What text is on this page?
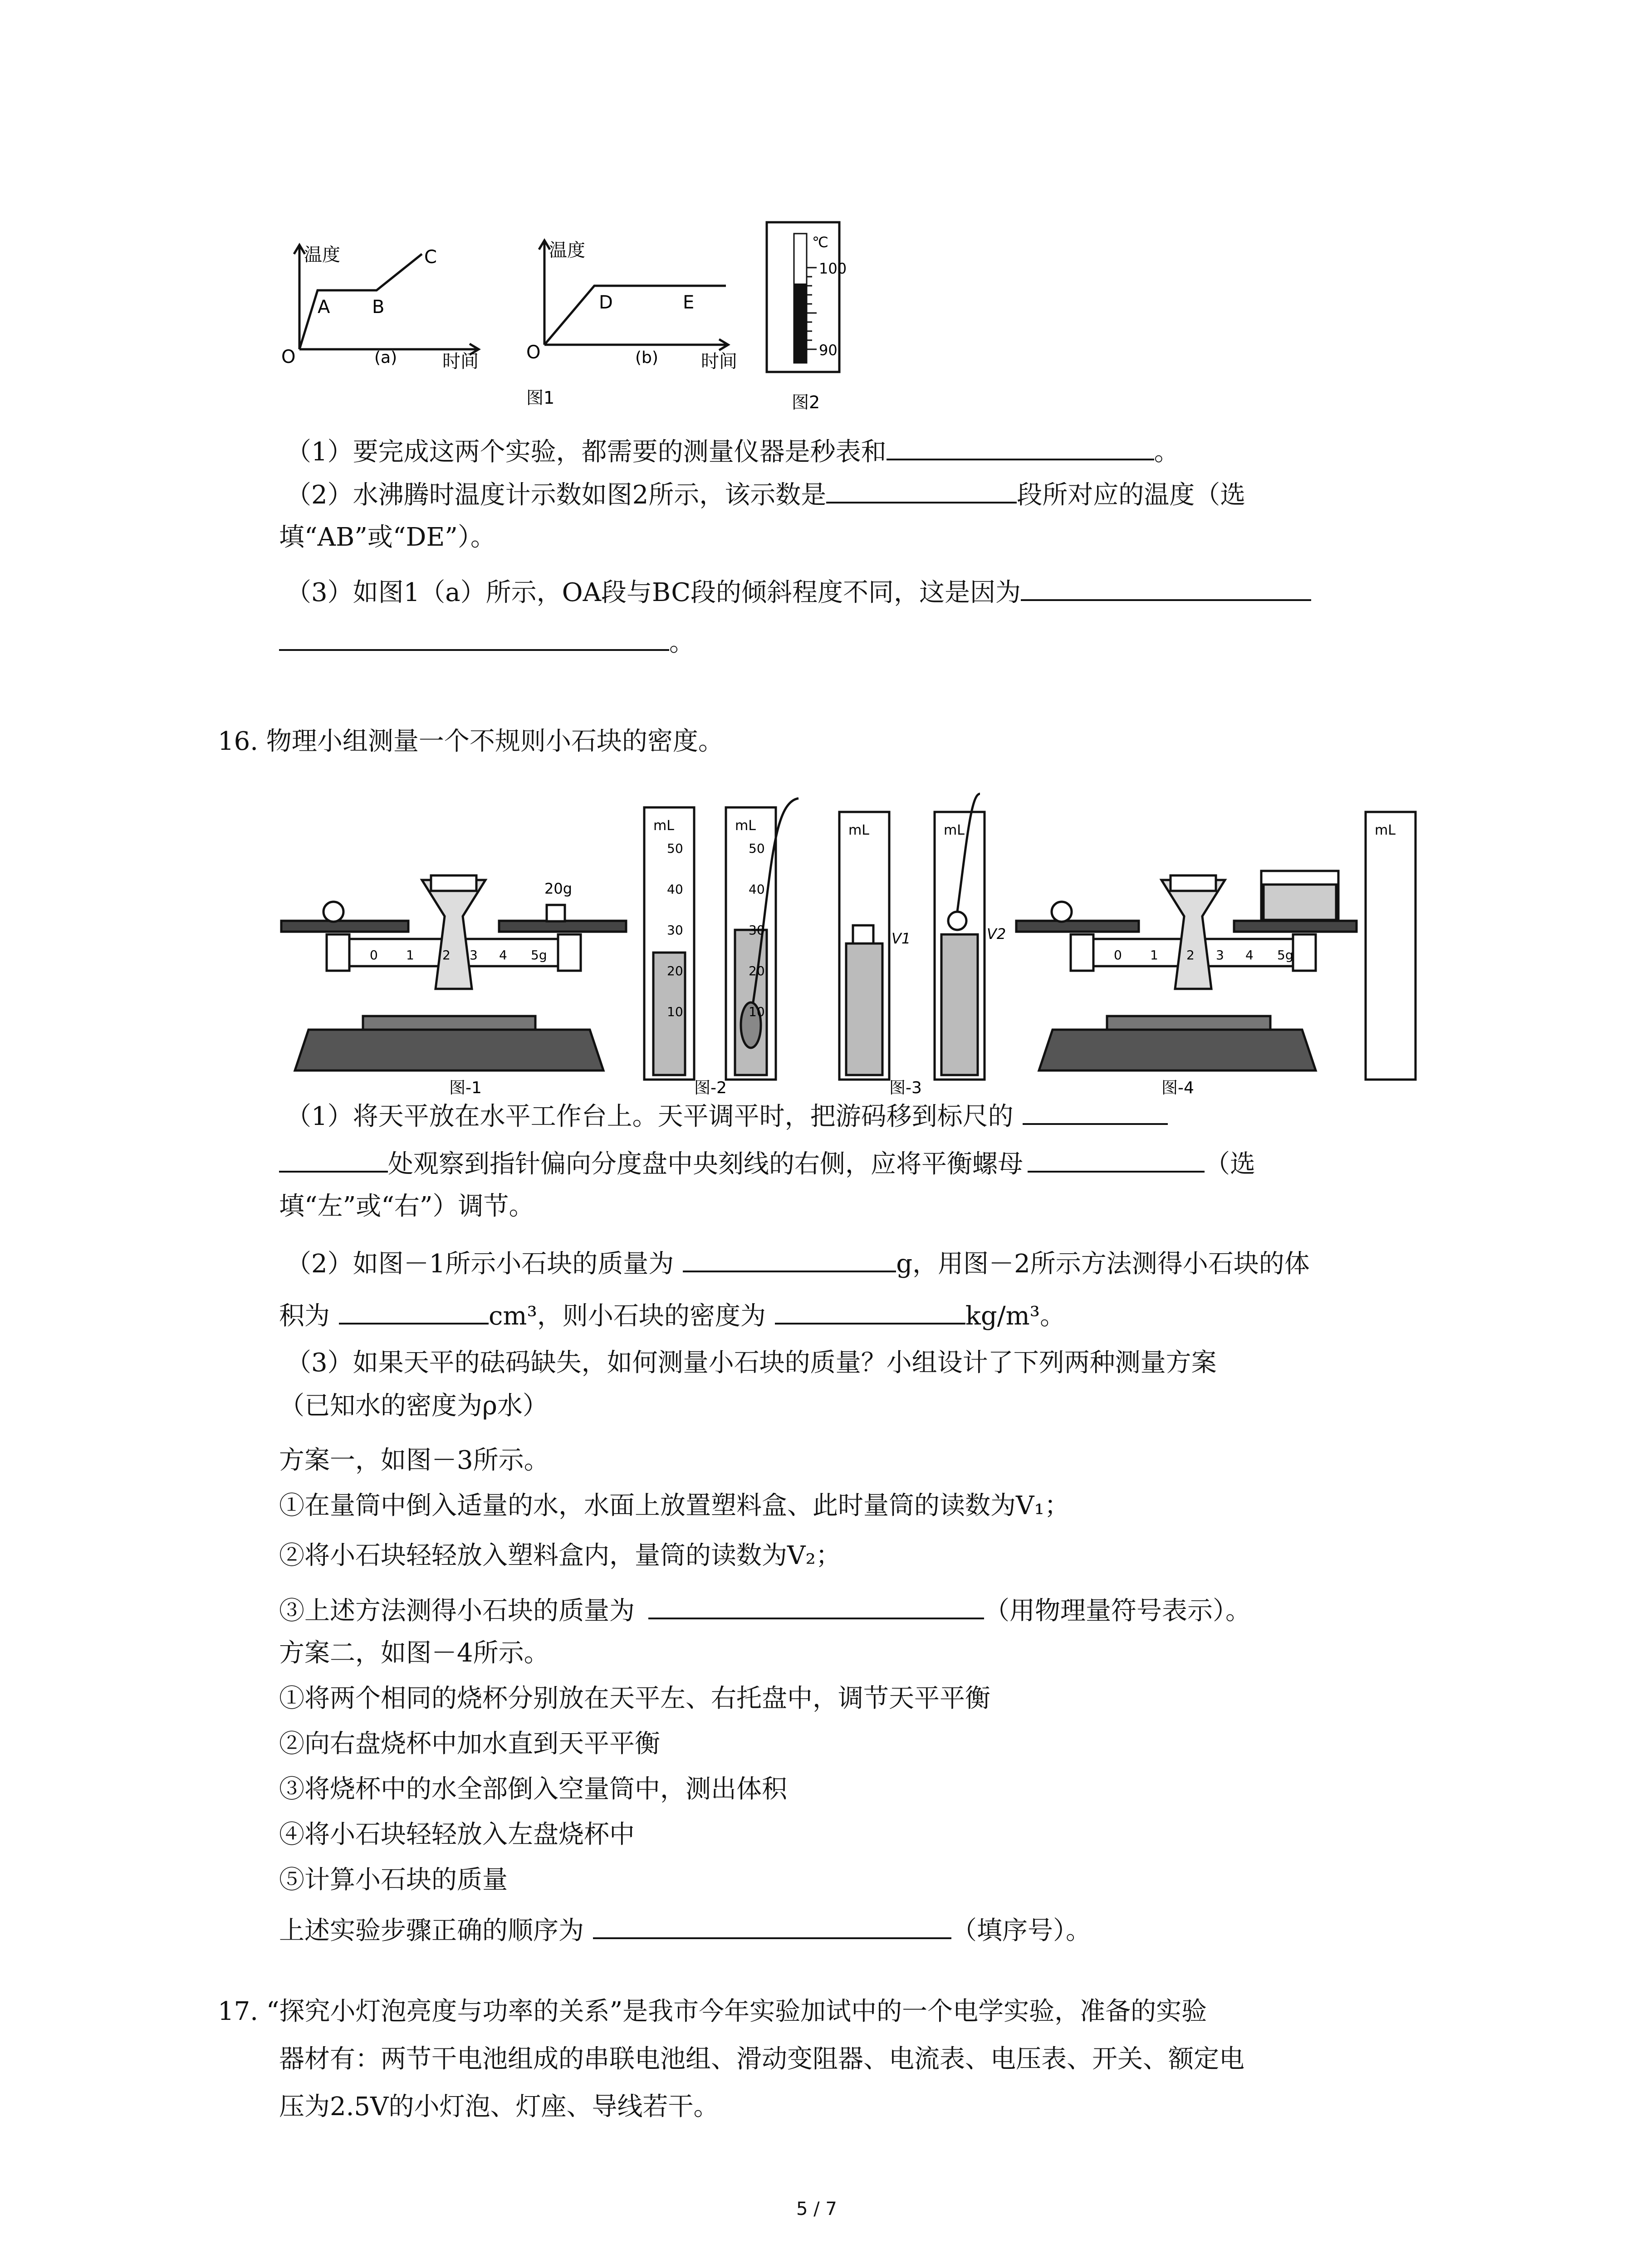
温度
O
A B
C
(a) 时间
温度
O
D	E
(b) 时间
图1
℃
100
90
图2
（1）要完成这两个实验，都需要的测量仪器是秒表和	。
（2）水沸腾时温度计示数如图2所示，该示数是	段所对应的温度（选
填“AB”或“DE”）。
（3）如图1（a）所示，OA段与BC段的倾斜程度不同，这是因为
。
16. 物理小组测量一个不规则小石块的密度。
20g
0 1 2 3 4 5g
mL	mL
50
40
30
20
10
50
40
30
20
10
mL	mL
V1	V2
0 1 2 3 4 5g
mL
图-1	图-2	图-3	图-4
（1）将天平放在水平工作台上。天平调平时，把游码移到标尺的
处观察到指针偏向分度盘中央刻线的右侧，应将平衡螺母	（选
填“左”或“右”）调节。
（2）如图－1所示小石块的质量为	g，用图－2所示方法测得小石块的体
积为	cm³，则小石块的密度为	kg/m³。
（3）如果天平的砝码缺失，如何测量小石块的质量？小组设计了下列两种测量方案
（已知水的密度为ρ水）
方案一，如图－3所示。
①在量筒中倒入适量的水，水面上放置塑料盒、此时量筒的读数为V₁；
②将小石块轻轻放入塑料盒内，量筒的读数为V₂；
③上述方法测得小石块的质量为	（用物理量符号表示）。
方案二，如图－4所示。
①将两个相同的烧杯分别放在天平左、右托盘中，调节天平平衡
②向右盘烧杯中加水直到天平平衡
③将烧杯中的水全部倒入空量筒中，测出体积
④将小石块轻轻放入左盘烧杯中
⑤计算小石块的质量
上述实验步骤正确的顺序为	（填序号）。
17. “探究小灯泡亮度与功率的关系”是我市今年实验加试中的一个电学实验，准备的实验
器材有：两节干电池组成的串联电池组、滑动变阻器、电流表、电压表、开关、额定电
压为2.5V的小灯泡、灯座、导线若干。
5 / 7
